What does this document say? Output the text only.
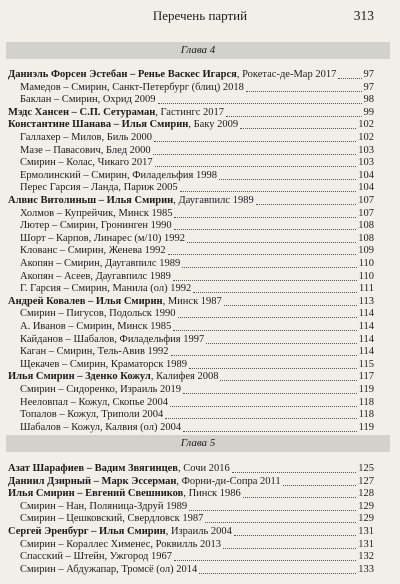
Перечень партий	313
Глава 4
Даниэль Форсен Эстебан – Ренье Васкес Игарся, Рокетас-де-Мар 2017	97
Мамедов – Смирин, Санкт-Петербург (блиц) 2018	97
Баклан – Смирин, Охрид 2009	98
Мэдс Хансен – С.П. Сетураман, Гастингс 2017	99
Константине Шанава – Илья Смирин, Баку 2009	102
Галлахер – Милов, Биль 2000	102
Мазе – Павасович, Блед 2000	103
Смирин – Колас, Чикаго 2017	103
Ермолинский – Смирин, Филадельфия 1998	104
Перес Гарсия – Ланда, Париж 2005	104
Алвис Витолиньш – Илья Смирин, Даугавпилс 1989	107
Холмов – Купрейчик, Минск 1985	107
Лютер – Смирин, Гронинген 1990	108
Шорт – Карпов, Линарес (м/10) 1992	108
Клованс – Смирин, Женева 1992	109
Акопян – Смирин, Даугавпилс 1989	110
Акопян – Асеев, Даугавпилс 1989	110
Г. Гарсия – Смирин, Манила (ол) 1992	111
Андрей Ковалев – Илья Смирин, Минск 1987	113
Смирин – Пигусов, Подольск 1990	114
А. Иванов – Смирин, Минск 1985	114
Кайданов – Шабалов, Филадельфия 1997	114
Каган – Смирин, Тель-Авив 1992	114
Щекачев – Смирин, Краматорск 1989	115
Илья Смирин – Зденко Кожул, Калифея 2008	117
Смирин – Сидоренко, Израиль 2019	119
Нееловпал – Кожул, Скопье 2004	118
Топалов – Кожул, Триполи 2004	118
Шабалов – Кожул, Калвия (ол) 2004	119
Глава 5
Азат Шарафиев – Вадим Звягинцев, Сочи 2016	125
Даниил Дзирный – Марк Эсcерман, Форни-ди-Сопра 2011	127
Илья Смирин – Евгений Свешников, Пинск 1986	128
Смирин – Нан, Поляница-Здруй 1989	129
Смирин – Цешковский, Свердловск 1987	129
Сергей Эренбург – Илья Смирин, Израиль 2004	131
Смирин – Кораллес Хименес, Роквилль 2013	131
Спасский – Штейн, Ужгород 1967	132
Смирин – Абдужапар, Тромсё (ол) 2014	133
